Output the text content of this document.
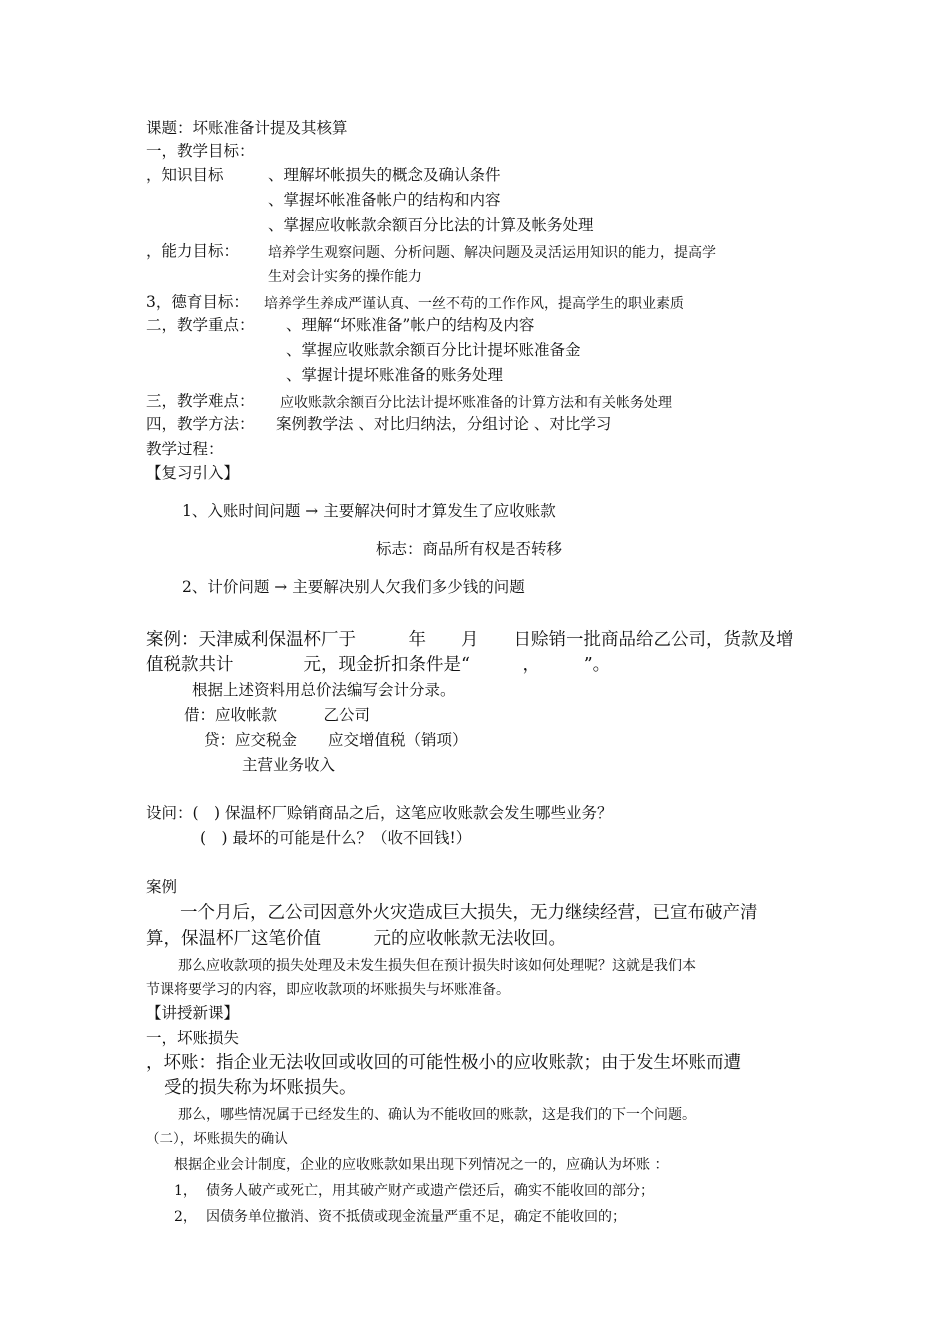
课题：坏账准备计提及其核算
一，教学目标：
，知识目标	、理解坏帐损失的概念及确认条件
、掌握坏帐准备帐户的结构和内容
、掌握应收帐款余额百分比法的计算及帐务处理
，能力目标： 培养学生观察问题、分析问题、解决问题及灵活运用知识的能力，提高学
生对会计实务的操作能力
3，德育目标： 培养学生养成严谨认真、一丝不苟的工作作风，提高学生的职业素质
二，教学重点： 、理解“坏账准备”帐户的结构及内容
、掌握应收账款余额百分比计提坏账准备金
、掌握计提坏账准备的账务处理
三，教学难点： 应收账款余额百分比法计提坏账准备的计算方法和有关帐务处理
四，教学方法： 案例教学法 、对比归纳法，分组讨论 、对比学习
教学过程：
【复习引入】
1、入账时间问题 → 主要解决何时才算发生了应收账款
标志：商品所有权是否转移
2、计价问题 → 主要解决别人欠我们多少钱的问题
案例：天津威利保温杯厂于　　　年　　月　　日赊销一批商品给乙公司，货款及增
值税款共计　　　　元，现金折扣条件是“　　　，　　　”。
根据上述资料用总价法编写会计分录。
借：应收帐款　　　乙公司
贷：应交税金　　应交增值税（销项）
主营业务收入
设问：(　) 保温杯厂赊销商品之后，这笔应收账款会发生哪些业务？
(　) 最坏的可能是什么？（收不回钱!）
案例
一个月后，乙公司因意外火灾造成巨大损失，无力继续经营，已宣布破产清
算，保温杯厂这笔价值　　　元的应收帐款无法收回。
那么应收款项的损失处理及未发生损失但在预计损失时该如何处理呢？这就是我们本
节课将要学习的内容，即应收款项的坏账损失与坏账准备。
【讲授新课】
一，坏账损失
，坏账：指企业无法收回或收回的可能性极小的应收账款；由于发生坏账而遭
受的损失称为坏账损失。
那么，哪些情况属于已经发生的、确认为不能收回的账款，这是我们的下一个问题。
（二），坏账损失的确认
根据企业会计制度，企业的应收账款如果出现下列情况之一的，应确认为坏账 ：
1， 债务人破产或死亡，用其破产财产或遗产偿还后，确实不能收回的部分；
2， 因债务单位撤消、资不抵债或现金流量严重不足，确定不能收回的；
